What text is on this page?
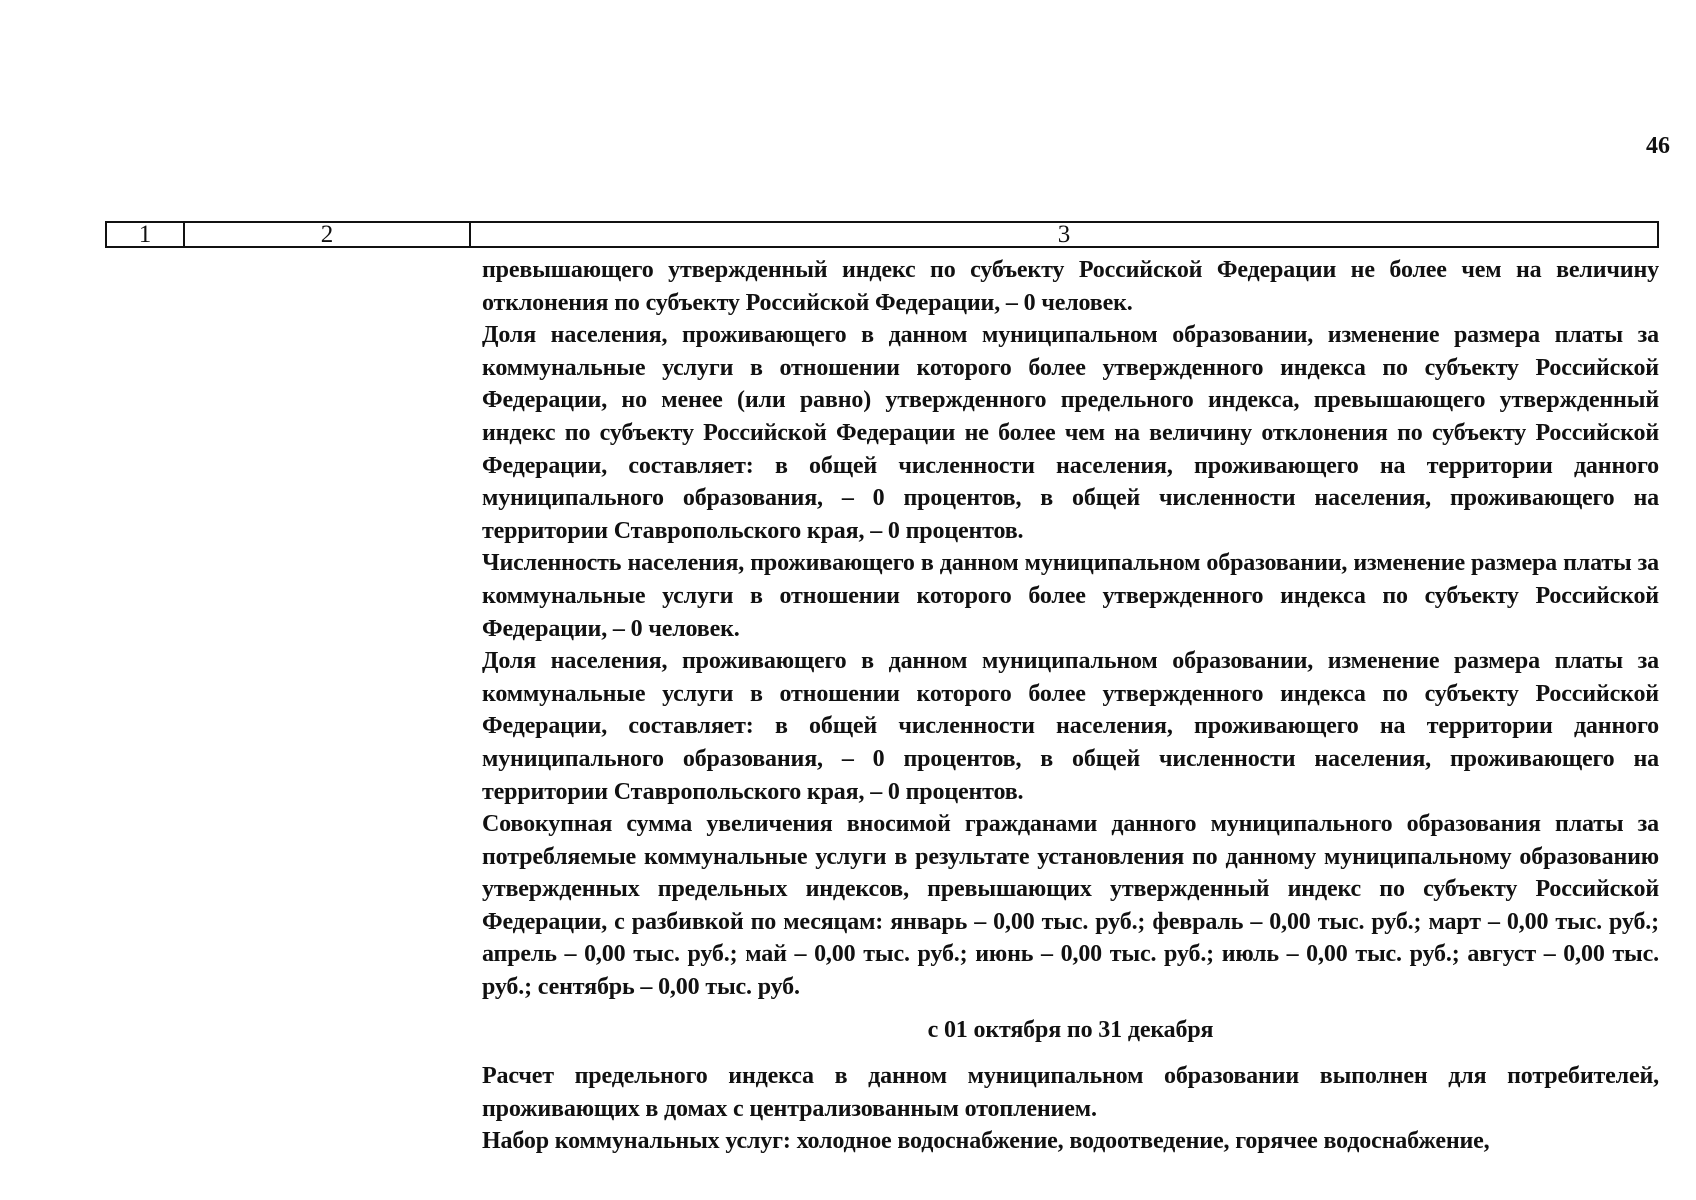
46
1	2	3

превышающего утвержденный индекс по субъекту Российской Федерации не более чем на величину отклонения по субъекту Российской Федерации, – 0 человек.

Доля населения, проживающего в данном муниципальном образовании, изменение размера платы за коммунальные услуги в отношении которого более утвержденного индекса по субъекту Российской Федерации, но менее (или равно) утвержденного предельного индекса, превышающего утвержденный индекс по субъекту Российской Федерации не более чем на величину отклонения по субъекту Российской Федерации, составляет: в общей численности населения, проживающего на территории данного муниципального образования, – 0 процентов, в общей численности населения, проживающего на территории Ставропольского края, – 0 процентов.

Численность населения, проживающего в данном муниципальном образовании, изменение размера платы за коммунальные услуги в отношении которого более утвержденного индекса по субъекту Российской Федерации, – 0 человек.

Доля населения, проживающего в данном муниципальном образовании, изменение размера платы за коммунальные услуги в отношении которого более утвержденного индекса по субъекту Российской Федерации, составляет: в общей численности населения, проживающего на территории данного муниципального образования, – 0 процентов, в общей численности населения, проживающего на территории Ставропольского края, – 0 процентов.

Совокупная сумма увеличения вносимой гражданами данного муниципального образования платы за потребляемые коммунальные услуги в результате установления по данному муниципальному образованию утвержденных предельных индексов, превышающих утвержденный индекс по субъекту Российской Федерации, с разбивкой по месяцам: январь – 0,00 тыс. руб.; февраль – 0,00 тыс. руб.; март – 0,00 тыс. руб.; апрель – 0,00 тыс. руб.; май – 0,00 тыс. руб.; июнь – 0,00 тыс. руб.; июль – 0,00 тыс. руб.; август – 0,00 тыс. руб.; сентябрь – 0,00 тыс. руб.

с 01 октября по 31 декабря

Расчет предельного индекса в данном муниципальном образовании выполнен для потребителей, проживающих в домах с централизованным отоплением.

Набор коммунальных услуг: холодное водоснабжение, водоотведение, горячее водоснабжение,
